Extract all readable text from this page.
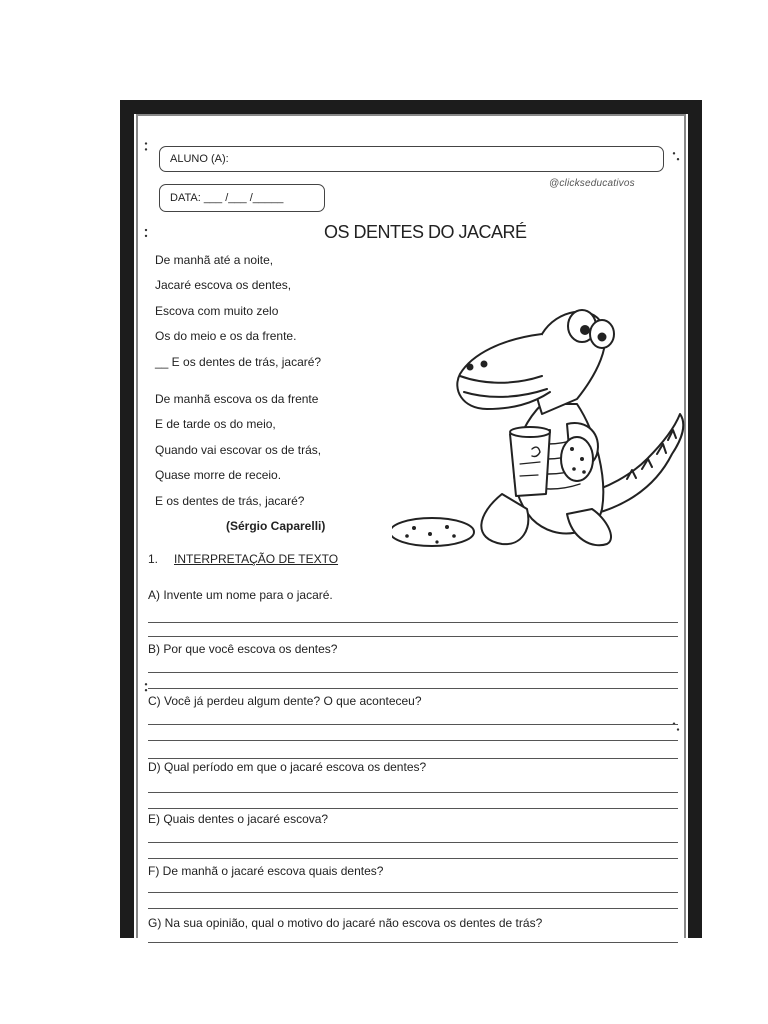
ALUNO (A):
DATA: ___ /___ /_____
@clickseducativos
OS DENTES DO JACARÉ
De manhã até a noite,
Jacaré escova os dentes,
Escova com muito zelo
Os do meio e os da frente.
__ E os dentes de trás, jacaré?
De manhã escova os da frente
E de tarde os do meio,
Quando vai escovar os de trás,
Quase morre de receio.
E os dentes de trás, jacaré?
(Sérgio Caparelli)
1. INTERPRETAÇÃO DE TEXTO
A) Invente um nome para o jacaré.
B) Por que você escova os dentes?
C) Você já perdeu algum dente? O que aconteceu?
D) Qual período em que o jacaré escova os dentes?
E) Quais dentes o jacaré escova?
F) De manhã o jacaré escova quais dentes?
G) Na sua opinião, qual o motivo do jacaré não escova os dentes de trás?
